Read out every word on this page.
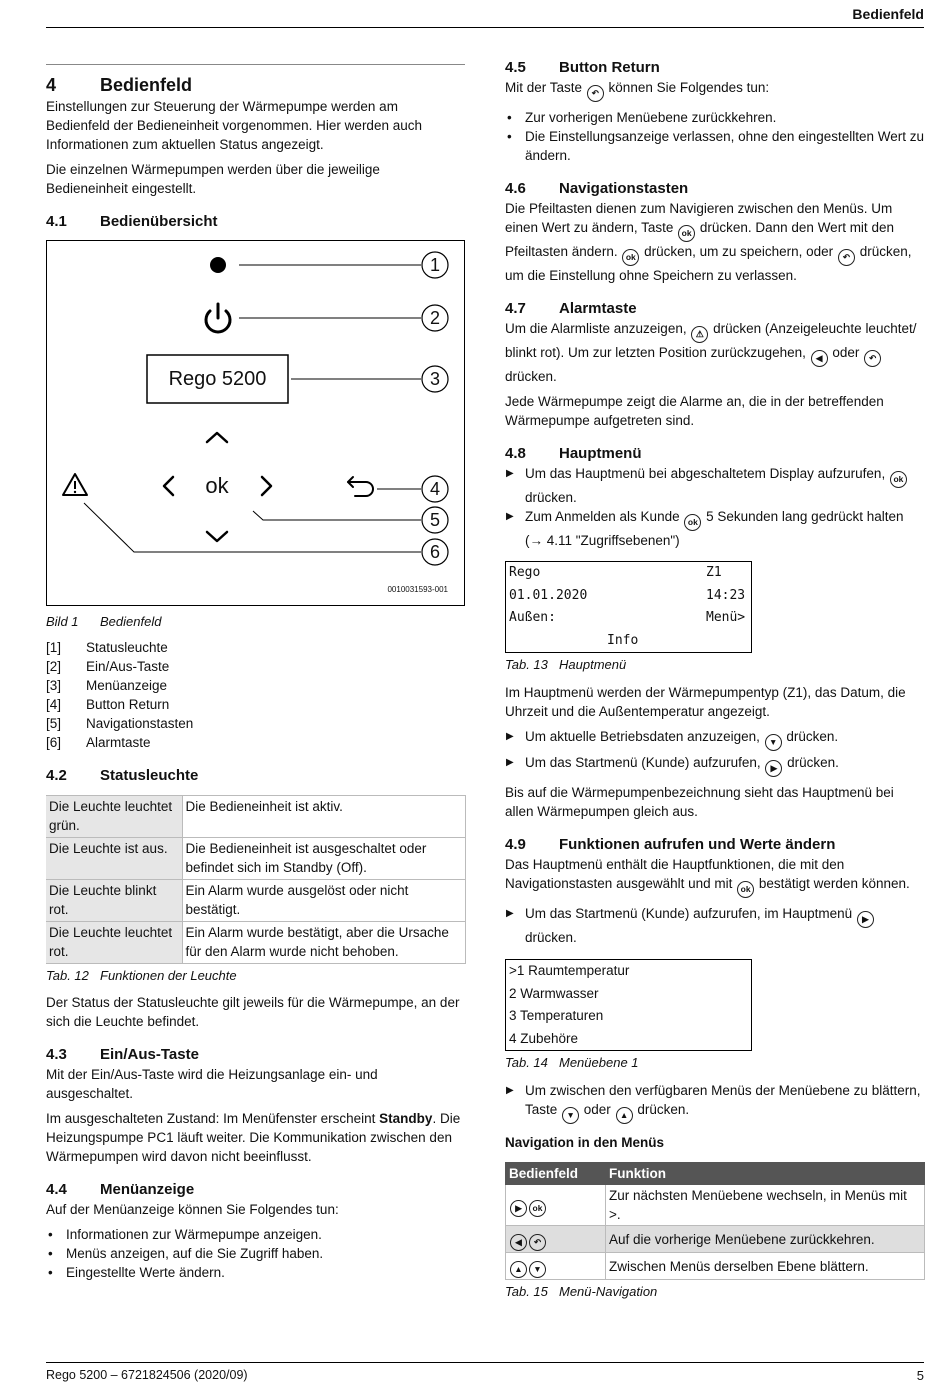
Bedienfeld
4 Bedienfeld

Einstellungen zur Steuerung der Wärmepumpe werden am Bedienfeld der Bedieneinheit vorgenommen. Hier werden auch Informationen zum aktuellen Status angezeigt.

Die einzelnen Wärmepumpen werden über die jeweilige Bedieneinheit eingestellt.

4.1 Bedienübersicht
Rego 5200
ok
1
2
3
4
5
6
0010031593-001
Bild 1 Bedienfeld
[1]	Statusleuchte
[2]	Ein/Aus-Taste
[3]	Menüanzeige
[4]	Button Return
[5]	Navigationstasten
[6]	Alarmtaste
4.2 Statusleuchte
Die Leuchte leuchtet grün.	Die Bedieneinheit ist aktiv.
Die Leuchte ist aus.	Die Bedieneinheit ist ausgeschaltet oder befindet sich im Standby (Off).
Die Leuchte blinkt rot.	Ein Alarm wurde ausgelöst oder nicht bestätigt.
Die Leuchte leuchtet rot.	Ein Alarm wurde bestätigt, aber die Ursache für den Alarm wurde nicht behoben.
Tab. 12 Funktionen der Leuchte

Der Status der Statusleuchte gilt jeweils für die Wärmepumpe, an der sich die Leuchte befindet.

4.3 Ein/Aus-Taste

Mit der Ein/Aus-Taste wird die Heizungsanlage ein- und ausgeschaltet.

Im ausgeschalteten Zustand: Im Menüfenster erscheint Standby. Die Heizungspumpe PC1 läuft weiter. Die Kommunikation zwischen den Wärmepumpen wird davon nicht beeinflusst.

4.4 Menüanzeige

Auf der Menüanzeige können Sie Folgendes tun:

• Informationen zur Wärmepumpe anzeigen.
• Menüs anzeigen, auf die Sie Zugriff haben.
• Eingestellte Werte ändern.
4.5 Button Return

Mit der Taste ↶ können Sie Folgendes tun:

• Zur vorherigen Menüebene zurückkehren.
• Die Einstellungsanzeige verlassen, ohne den eingestellten Wert zu ändern.
4.6 Navigationstasten

Die Pfeiltasten dienen zum Navigieren zwischen den Menüs. Um einen Wert zu ändern, Taste ok drücken. Dann den Wert mit den Pfeiltasten ändern. ok drücken, um zu speichern, oder ↶ drücken, um die Einstellung ohne Speichern zu verlassen.

4.7 Alarmtaste

Um die Alarmliste anzuzeigen, ⚠ drücken (Anzeigeleuchte leuchtet/ blinkt rot). Um zur letzten Position zurückzugehen, ◀ oder ↶ drücken.

Jede Wärmepumpe zeigt die Alarme an, die in der betreffenden Wärmepumpe aufgetreten sind.

4.8 Hauptmenü
▶ Um das Hauptmenü bei abgeschaltetem Display aufzurufen, ok drücken.
▶ Zum Anmelden als Kunde ok 5 Sekunden lang gedrückt halten (→ 4.11 "Zugriffsebenen")
Rego	Z1
01.01.2020	14:23
Außen:	Menü>
Info
Tab. 13 Hauptmenü

Im Hauptmenü werden der Wärmepumpentyp (Z1), das Datum, die Uhrzeit und die Außentemperatur angezeigt.

▶ Um aktuelle Betriebsdaten anzuzeigen, ▼ drücken.
▶ Um das Startmenü (Kunde) aufzurufen, ▶ drücken.

Bis auf die Wärmepumpenbezeichnung sieht das Hauptmenü bei allen Wärmepumpen gleich aus.

4.9 Funktionen aufrufen und Werte ändern

Das Hauptmenü enthält die Hauptfunktionen, die mit den Navigationstasten ausgewählt und mit ok bestätigt werden können.

▶ Um das Startmenü (Kunde) aufzurufen, im Hauptmenü ▶ drücken.
>1 Raumtemperatur
2 Warmwasser
3 Temperaturen
4 Zubehöre
Tab. 14 Menüebene 1
▶ Um zwischen den verfügbaren Menüs der Menüebene zu blättern, Taste ▼ oder ▲ drücken.
Navigation in den Menüs
Bedienfeld	Funktion
▶ ok	Zur nächsten Menüebene wechseln, in Menüs mit >.
◀ ↶	Auf die vorherige Menüebene zurückkehren.
▲ ▼	Zwischen Menüs derselben Ebene blättern.
Tab. 15 Menü-Navigation
Rego 5200 – 6721824506 (2020/09)	5
